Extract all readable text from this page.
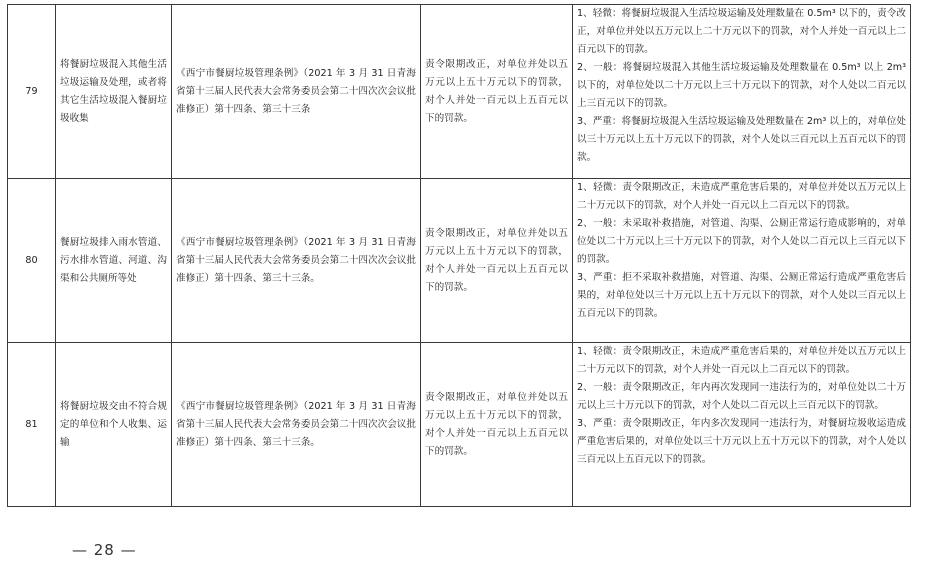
79	将餐厨垃圾混入其他生活垃圾运输及处理，或者将其它生活垃圾混入餐厨垃圾收集	《西宁市餐厨垃圾管理条例》（2021 年 3 月 31 日青海省第十三届人民代表大会常务委员会第二十四次次会议批准修正）第十四条、第三十三条	责令限期改正，对单位并处以五万元以上五十万元以下的罚款，对个人并处一百元以上五百元以下的罚款。	1、轻微：将餐厨垃圾混入生活垃圾运输及处理数量在 0.5m³ 以下的，责令改正，对单位并处以五万元以上二十万元以下的罚款，对个人并处一百元以上二百元以下的罚款。

2、一般：将餐厨垃圾混入其他生活垃圾运输及处理数量在 0.5m³ 以上 2m³ 以下的，对单位处以二十万元以上三十万元以下的罚款，对个人处以二百元以上三百元以下的罚款。

3、严重：将餐厨垃圾混入生活垃圾运输及处理数量在 2m³ 以上的，对单位处以三十万元以上五十万元以下的罚款，对个人处以三百元以上五百元以下的罚款。

80	餐厨垃圾排入雨水管道、污水排水管道、河道、沟渠和公共厕所等处	《西宁市餐厨垃圾管理条例》（2021 年 3 月 31 日青海省第十三届人民代表大会常务委员会第二十四次次会议批准修正）第十四条、第三十三条。	责令限期改正，对单位并处以五万元以上五十万元以下的罚款，对个人并处一百元以上五百元以下的罚款。	1、轻微：责令限期改正，未造成严重危害后果的，对单位并处以五万元以上二十万元以下的罚款，对个人并处一百元以上二百元以下的罚款。

2、一般：未采取补救措施，对管道、沟渠、公厕正常运行造成影响的，对单位处以二十万元以上三十万元以下的罚款，对个人处以二百元以上三百元以下的罚款。

3、严重：拒不采取补救措施，对管道、沟渠、公厕正常运行造成严重危害后果的，对单位处以三十万元以上五十万元以下的罚款，对个人处以三百元以上五百元以下的罚款。

81	将餐厨垃圾交由不符合规定的单位和个人收集、运输	《西宁市餐厨垃圾管理条例》（2021 年 3 月 31 日青海省第十三届人民代表大会常务委员会第二十四次次会议批准修正）第十四条、第三十三条。	责令限期改正，对单位并处以五万元以上五十万元以下的罚款，对个人并处一百元以上五百元以下的罚款。	1、轻微：责令限期改正，未造成严重危害后果的，对单位并处以五万元以上二十万元以下的罚款，对个人并处一百元以上二百元以下的罚款。

2、一般：责令限期改正，年内再次发现同一违法行为的，对单位处以二十万元以上三十万元以下的罚款，对个人处以二百元以上三百元以下的罚款。

3、严重：责令限期改正，年内多次发现同一违法行为，对餐厨垃圾收运造成严重危害后果的，对单位处以三十万元以上五十万元以下的罚款，对个人处以三百元以上五百元以下的罚款。

— 28 —
